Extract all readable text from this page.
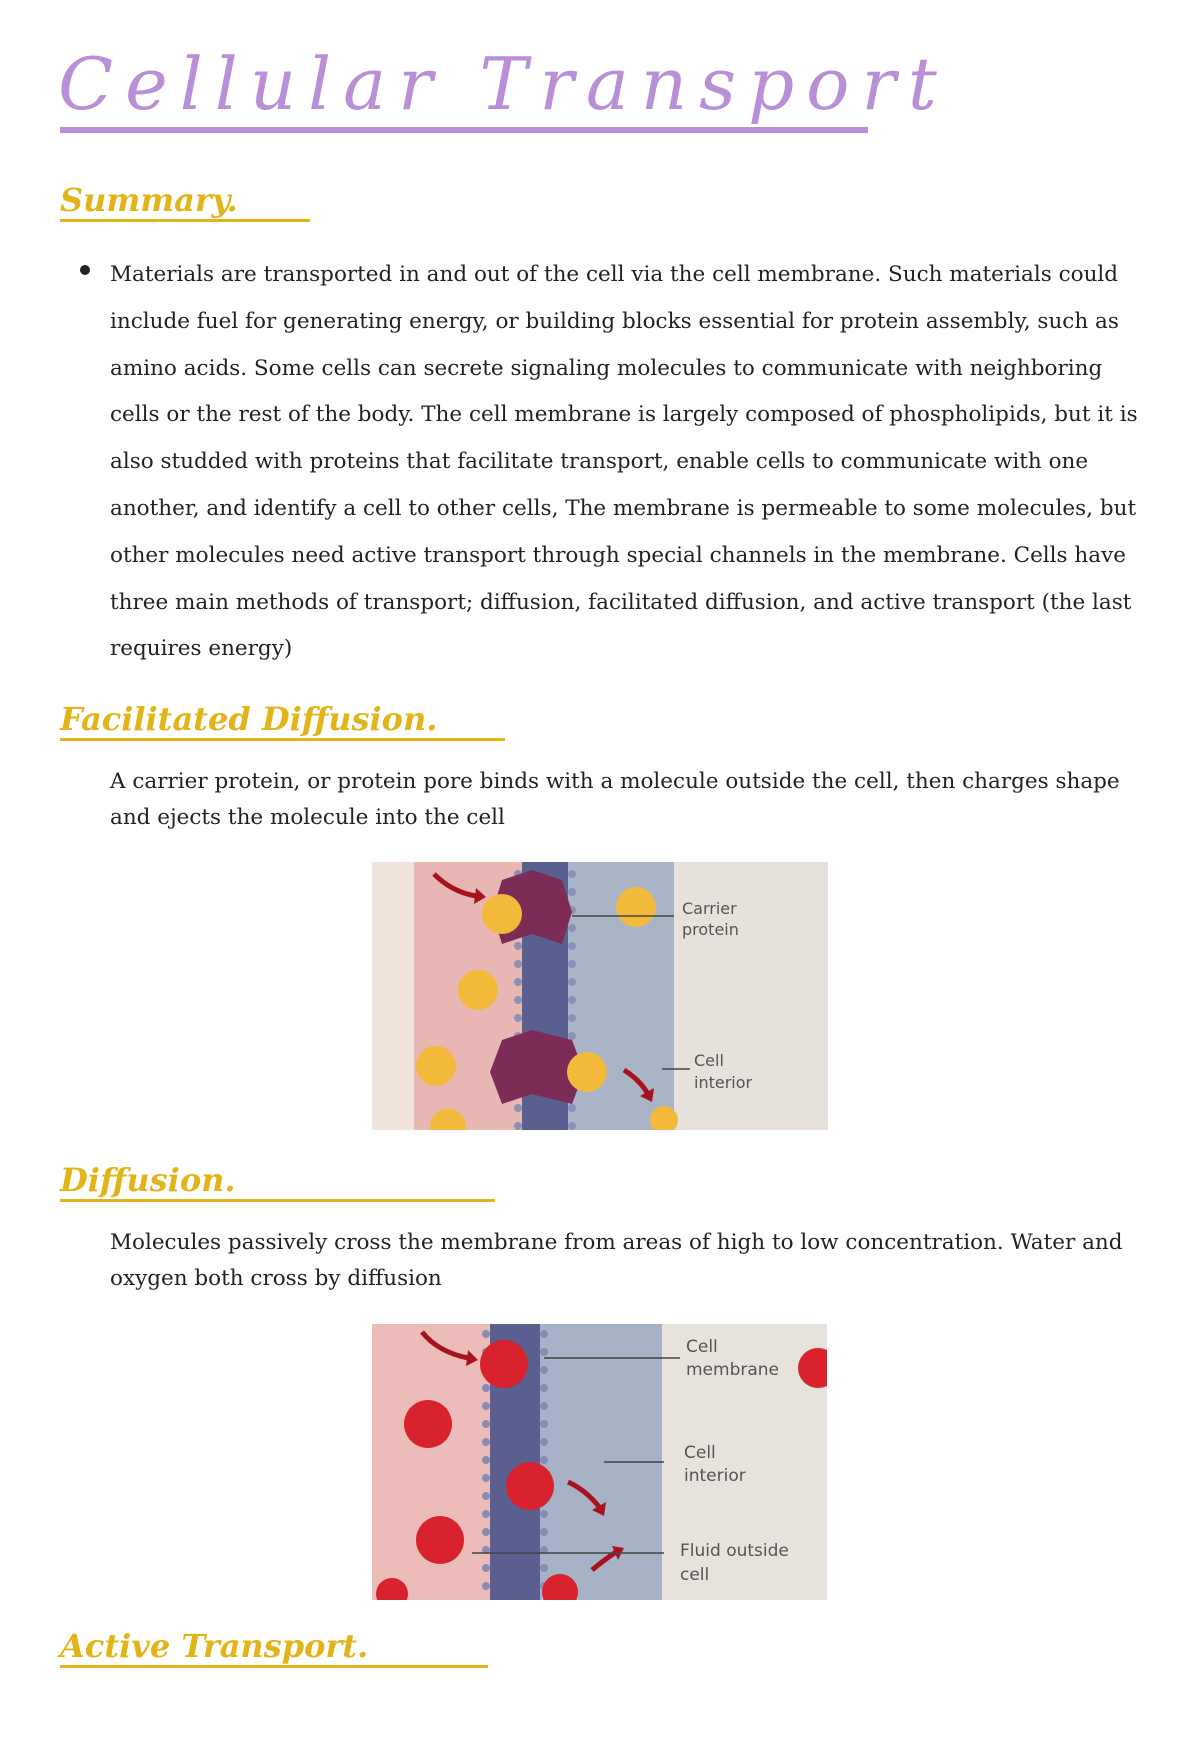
Cellular Transport
Summary.

Materials are transported in and out of the cell via the cell membrane. Such materials could include fuel for generating energy, or building blocks essential for protein assembly, such as amino acids. Some cells can secrete signaling molecules to communicate with neighboring cells or the rest of the body. The cell membrane is largely composed of phospholipids, but it is also studded with proteins that facilitate transport, enable cells to communicate with one another, and identify a cell to other cells, The membrane is permeable to some molecules, but other molecules need active transport through special channels in the membrane. Cells have three main methods of transport; diffusion, facilitated diffusion, and active transport (the last requires energy)

Facilitated Diffusion.

A carrier protein, or protein pore binds with a molecule outside the cell, then charges shape and ejects the molecule into the cell

Carrier
protein
Cell
interior
Diffusion.

Molecules passively cross the membrane from areas of high to low concentration. Water and oxygen both cross by diffusion

Cell
membrane
Cell
interior
Fluid outside
cell
Active Transport.
